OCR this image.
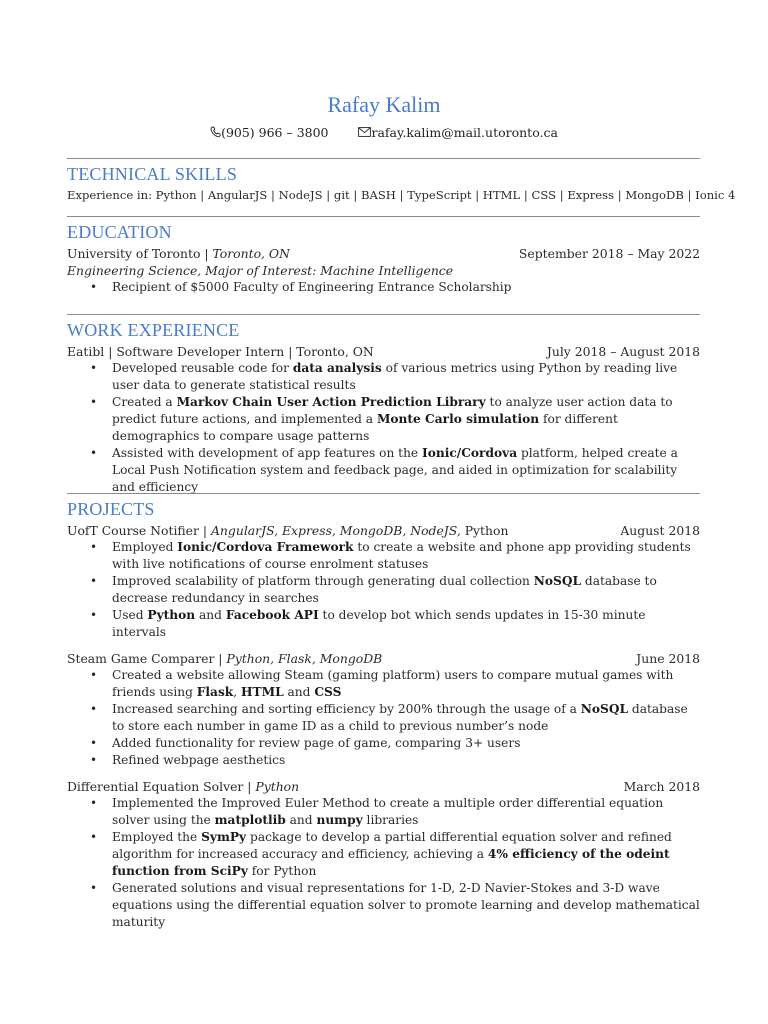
Rafay Kalim
(905) 966 – 3800	rafay.kalim@mail.utoronto.ca
TECHNICAL SKILLS
Experience in: Python | AngularJS | NodeJS | git | BASH | TypeScript | HTML | CSS | Express | MongoDB | Ionic 4
EDUCATION
University of Toronto | Toronto, ON	September 2018 – May 2022
Engineering Science, Major of Interest: Machine Intelligence
• Recipient of $5000 Faculty of Engineering Entrance Scholarship
WORK EXPERIENCE
Eatibl | Software Developer Intern | Toronto, ON	July 2018 – August 2018
• Developed reusable code for data analysis of various metrics using Python by reading live user data to generate statistical results
• Created a Markov Chain User Action Prediction Library to analyze user action data to predict future actions, and implemented a Monte Carlo simulation for different demographics to compare usage patterns
• Assisted with development of app features on the Ionic/Cordova platform, helped create a Local Push Notification system and feedback page, and aided in optimization for scalability and efficiency
PROJECTS
UofT Course Notifier | AngularJS, Express, MongoDB, NodeJS, Python	August 2018
• Employed Ionic/Cordova Framework to create a website and phone app providing students with live notifications of course enrolment statuses
• Improved scalability of platform through generating dual collection NoSQL database to decrease redundancy in searches
• Used Python and Facebook API to develop bot which sends updates in 15-30 minute intervals
Steam Game Comparer | Python, Flask, MongoDB	June 2018
• Created a website allowing Steam (gaming platform) users to compare mutual games with friends using Flask, HTML and CSS
• Increased searching and sorting efficiency by 200% through the usage of a NoSQL database to store each number in game ID as a child to previous number’s node
• Added functionality for review page of game, comparing 3+ users
• Refined webpage aesthetics
Differential Equation Solver | Python	March 2018
• Implemented the Improved Euler Method to create a multiple order differential equation solver using the matplotlib and numpy libraries
• Employed the SymPy package to develop a partial differential equation solver and refined algorithm for increased accuracy and efficiency, achieving a 4% efficiency of the odeint function from SciPy for Python
• Generated solutions and visual representations for 1-D, 2-D Navier-Stokes and 3-D wave equations using the differential equation solver to promote learning and develop mathematical maturity
